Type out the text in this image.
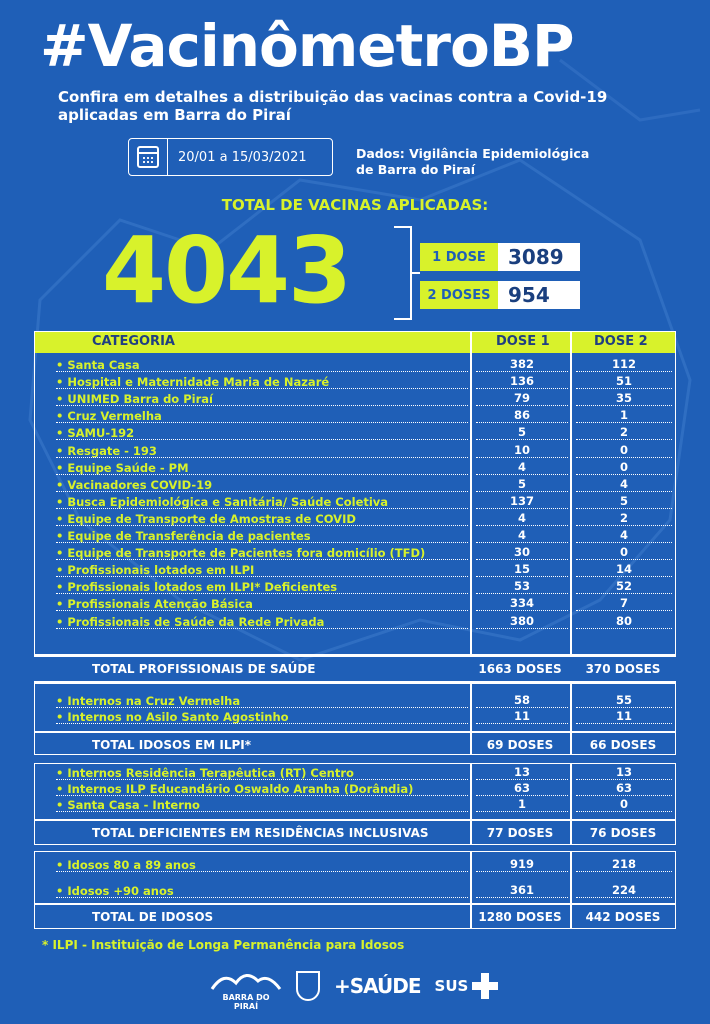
#VacinômetroBP
Confira em detalhes a distribuição das vacinas contra a Covid-19
aplicadas em Barra do Piraí
20/01 a 15/03/2021	Dados: Vigilância Epidemiológica
de Barra do Piraí
TOTAL DE VACINAS APLICADAS:
4043	1 DOSE	3089
2 DOSES 954
CATEGORIA	DOSE 1	DOSE 2
• Santa Casa	382	112
• Hospital e Maternidade Maria de Nazaré	136	51
• UNIMED Barra do Piraí	79	35
• Cruz Vermelha	86	1
• SAMU-192	5	2
• Resgate - 193	10	0
• Equipe Saúde - PM	4	0
• Vacinadores COVID-19	5	4
• Busca Epidemiológica e Sanitária/ Saúde Coletiva	137	5
• Equipe de Transporte de Amostras de COVID	4	2
• Equipe de Transferência de pacientes	4	4
• Equipe de Transporte de Pacientes fora domicílio (TFD)	30	0
• Profissionais lotados em ILPI	15	14
• Profissionais lotados em ILPI* Deficientes	53	52
• Profissionais Atenção Básica	334	7
• Profissionais de Saúde da Rede Privada	380	80
TOTAL PROFISSIONAIS DE SAÚDE	1663 DOSES	370 DOSES
• Internos na Cruz Vermelha	58	55
• Internos no Asilo Santo Agostinho	11	11
TOTAL IDOSOS EM ILPI*	69 DOSES	66 DOSES
• Internos Residência Terapêutica (RT) Centro	13	13
• Internos ILP Educandário Oswaldo Aranha (Dorândia)	63	63
• Santa Casa - Interno	1	0
TOTAL DEFICIENTES EM RESIDÊNCIAS INCLUSIVAS	77 DOSES	76 DOSES
• Idosos 80 a 89 anos	919	218
• Idosos +90 anos	361	224
TOTAL DE IDOSOS	1280 DOSES	442 DOSES
* ILPI - Instituição de Longa Permanência para Idosos
BARRA DO PIRAÍ
+SAÚDE SUS
